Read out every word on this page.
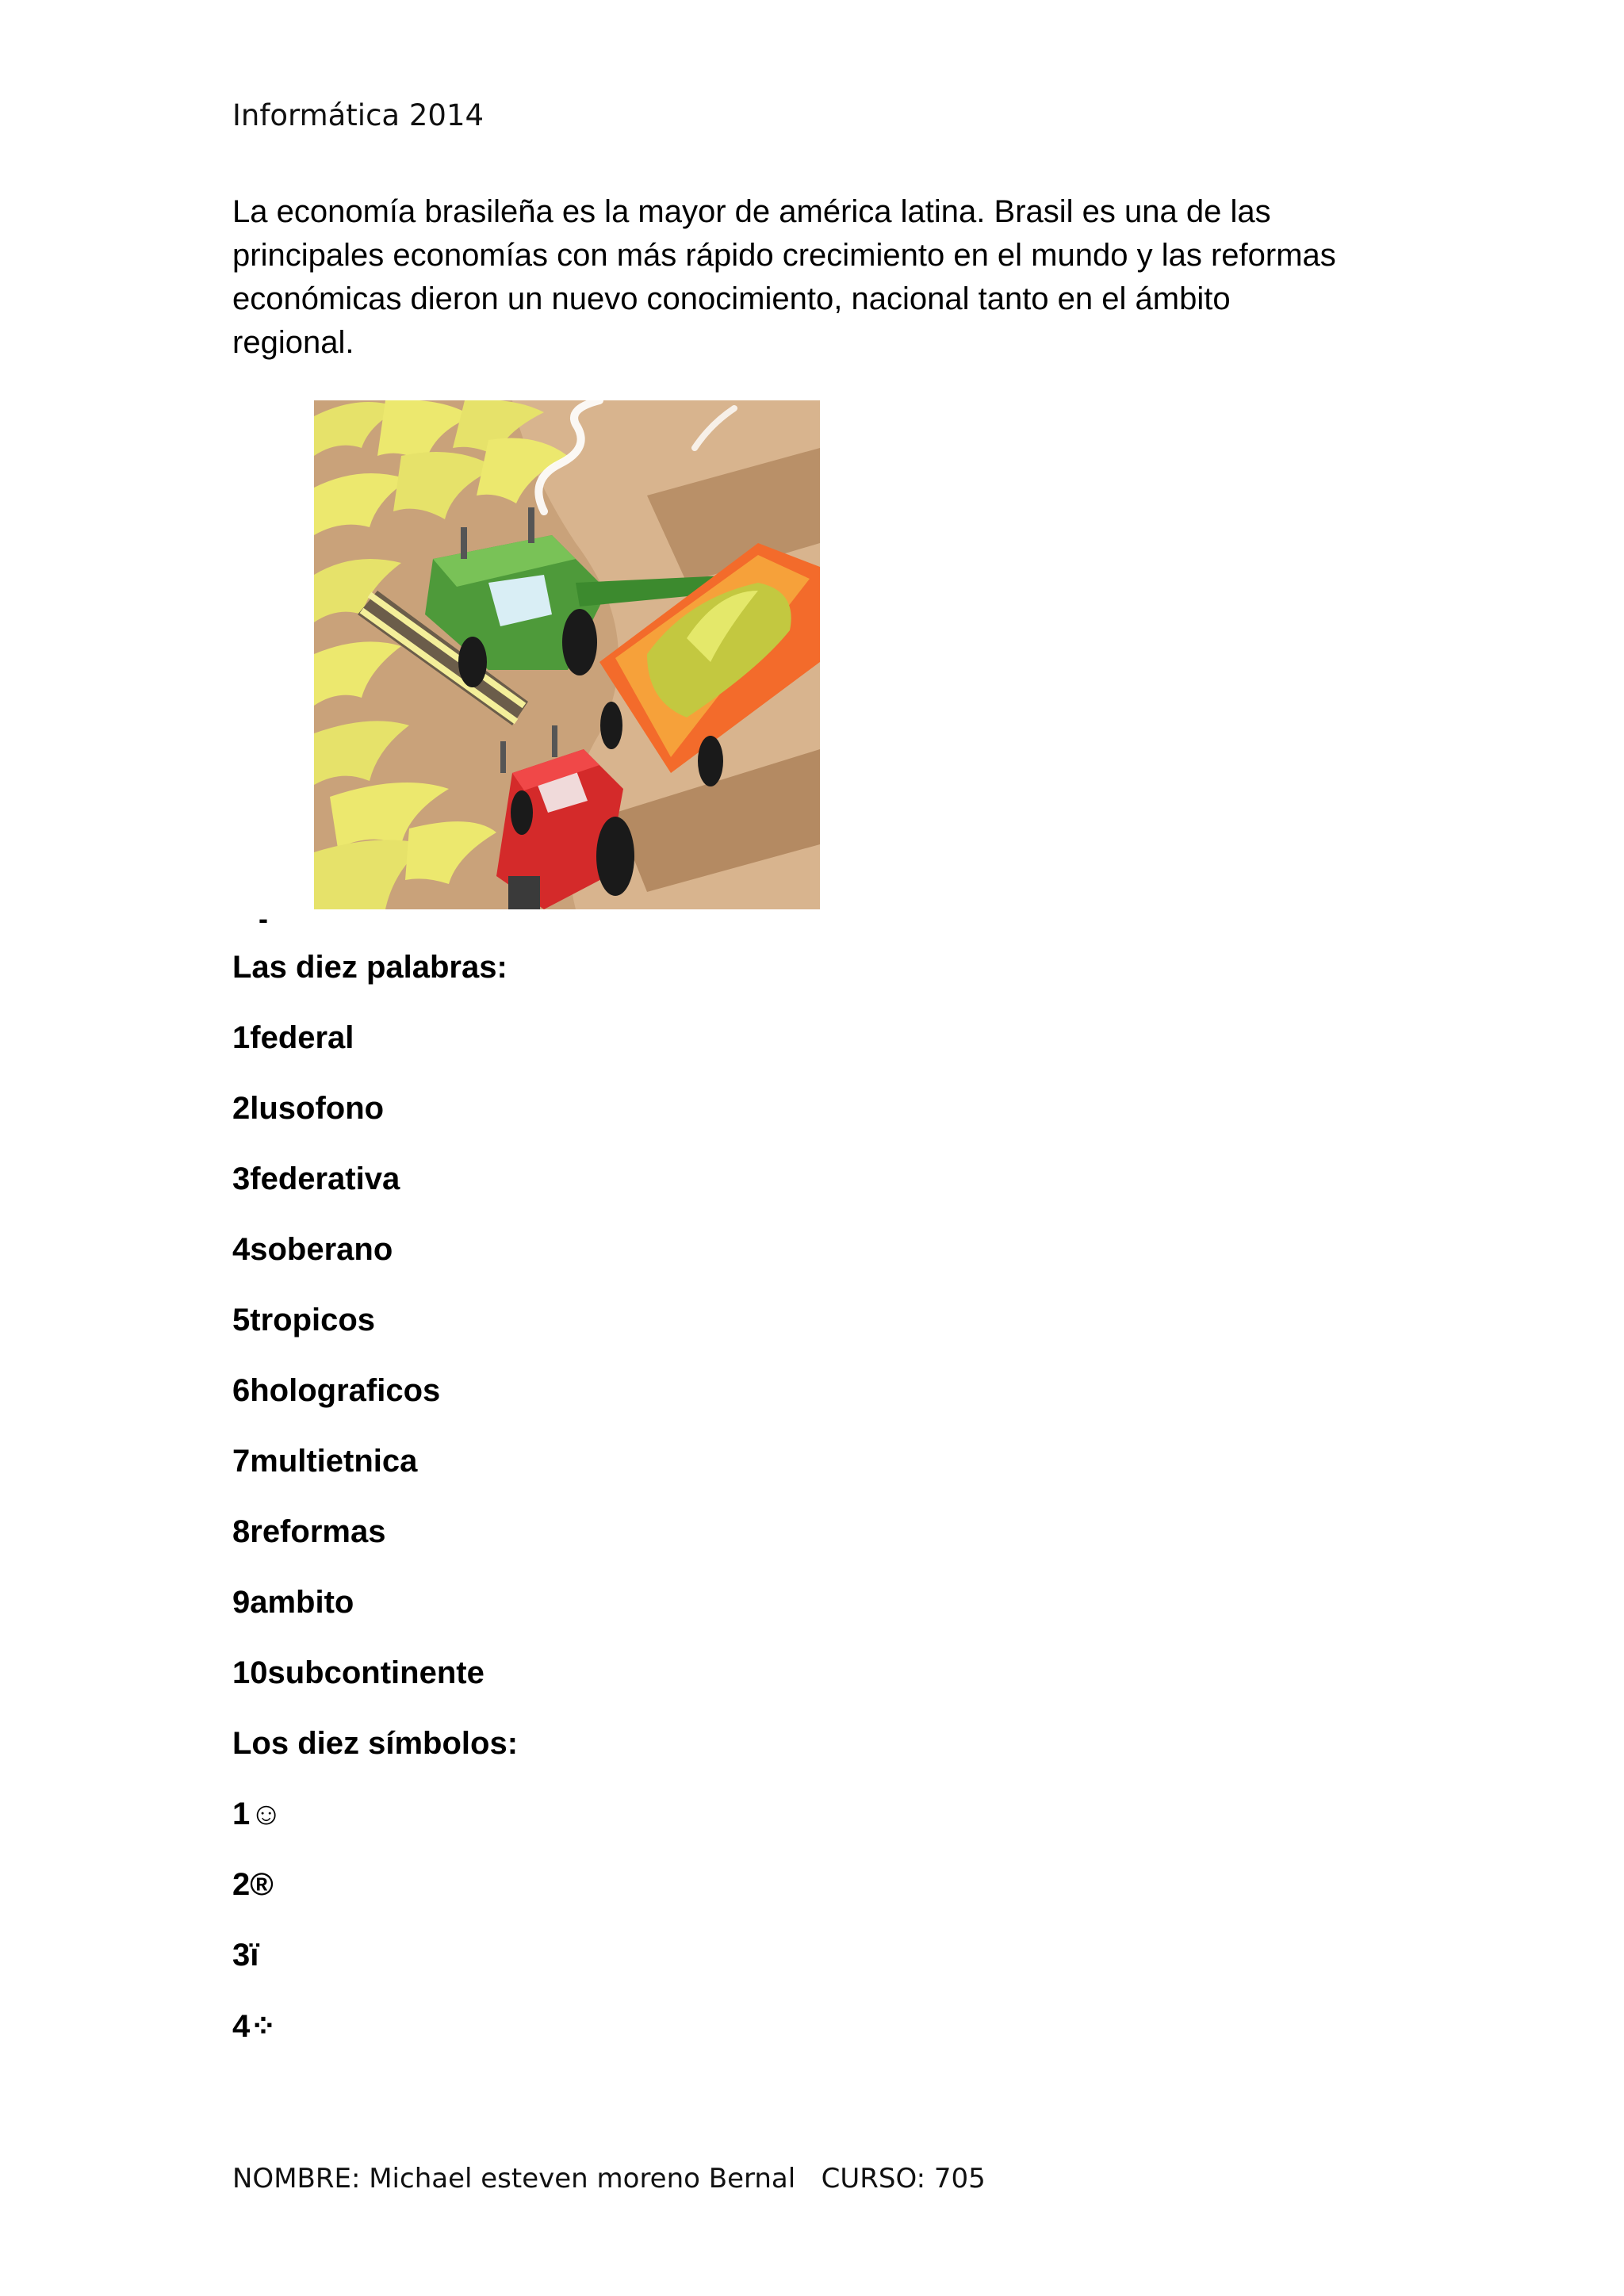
Informática 2014

La economía brasileña es la mayor de américa latina. Brasil es una de las
principales economías con más rápido crecimiento en el mundo y las reformas
económicas dieron un nuevo conocimiento, nacional tanto en el ámbito
regional.

-
Las diez palabras:
1federal
2lusofono
3federativa
4soberano
5tropicos
6holograficos
7multietnica
8reformas
9ambito
10subcontinente
Los diez símbolos:
1☺
2®
3ï
4⁘
NOMBRE: Michael esteven moreno Bernal   CURSO: 705
